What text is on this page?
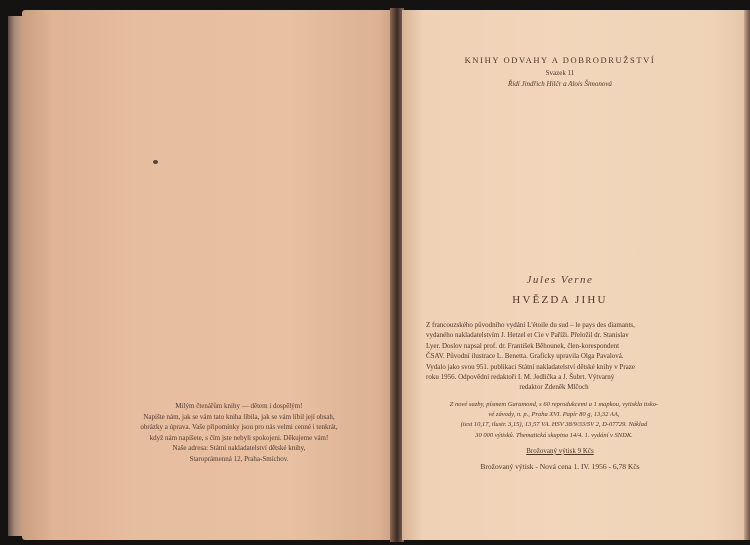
Milým čtenářům knihy — dětem i dospělým!
Napište nám, jak se vám tato kniha líbila, jak se vám líbil její obsah,
obrázky a úprava. Vaše připomínky jsou pro nás velmi cenné i tenkrát,
když nám napíšete, s čím jste nebyli spokojeni. Děkujeme vám!
Naše adresa: Státní nakladatelství dětské knihy,
Staroprámenná 12, Praha-Smíchov.
KNIHY ODVAHY A DOBRODRUŽSTVÍ
Svazek 11
Řídí Jindřich Hilčr a Alois Šimonová
Jules Verne
HVĚZDA JIHU
Z francouzského původního vydání L'étoile du sud – le pays des diamants,
vydaného nakladatelstvím J. Hetzel et Cie v Paříži. Přeložil dr. Stanislav
Lyer. Doslov napsal prof. dr. František Běhounek, člen-korespondent
ČSAV. Původní ilustrace L. Benetta. Graficky upravila Olga Pavalová.
Vydalo jako svou 951. publikaci Státní nakladatelství dětské knihy v Praze
roku 1956. Odpovědní redaktoři I. M. Jedlička a J. Šubrt. Výtvarný
redaktor Zdeněk Mlčoch
Z nové sazby, písmem Garamond, s 60 reprodukcemi a 1 mapkou, vytiskla tisko-
vé závody, n. p., Praha XVI. Papír 80 g, 13,32 AA,
(text 10,17, ilustr. 3,15), 13,57 VA. HSV 38/9/33/SV 2, D-07729. Náklad
30 000 výtisků. Thematická skupina 14/4. 1. vydání v SNDK.
Brožovaný výtisk 9 Kčs
Brožovaný výtisk - Nová cena 1. IV. 1956 - 6,78 Kčs
